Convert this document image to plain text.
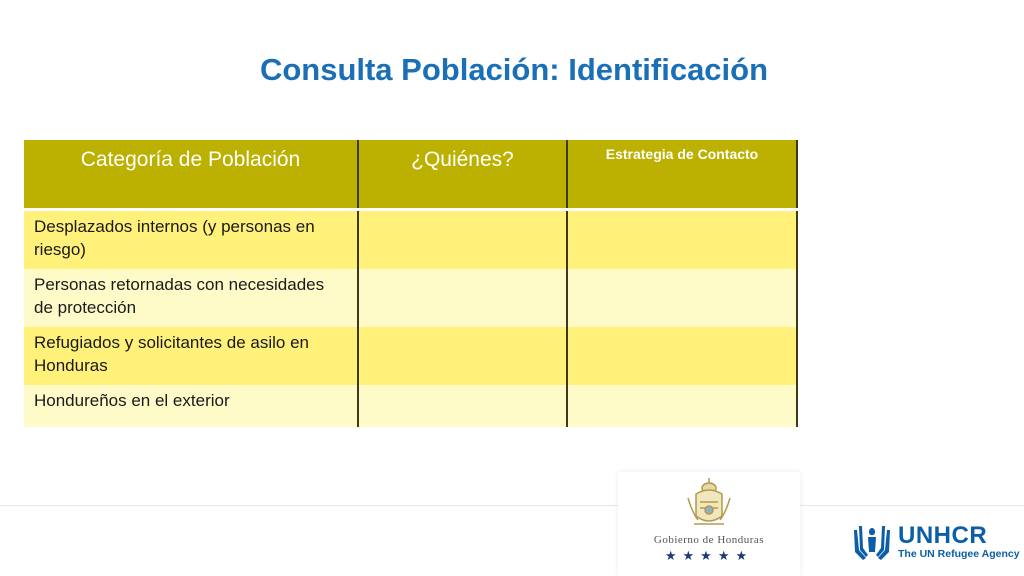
Consulta Población: Identificación
Categoría de Población	¿Quiénes?	Estrategia de Contacto

Desplazados internos (y personas en riesgo)		
Personas retornadas con necesidades de protección		
Refugiados y solicitantes de asilo en Honduras		
Hondureños en el exterior		
Gobierno de Honduras
★★★★★
UNHCR
The UN Refugee Agency
